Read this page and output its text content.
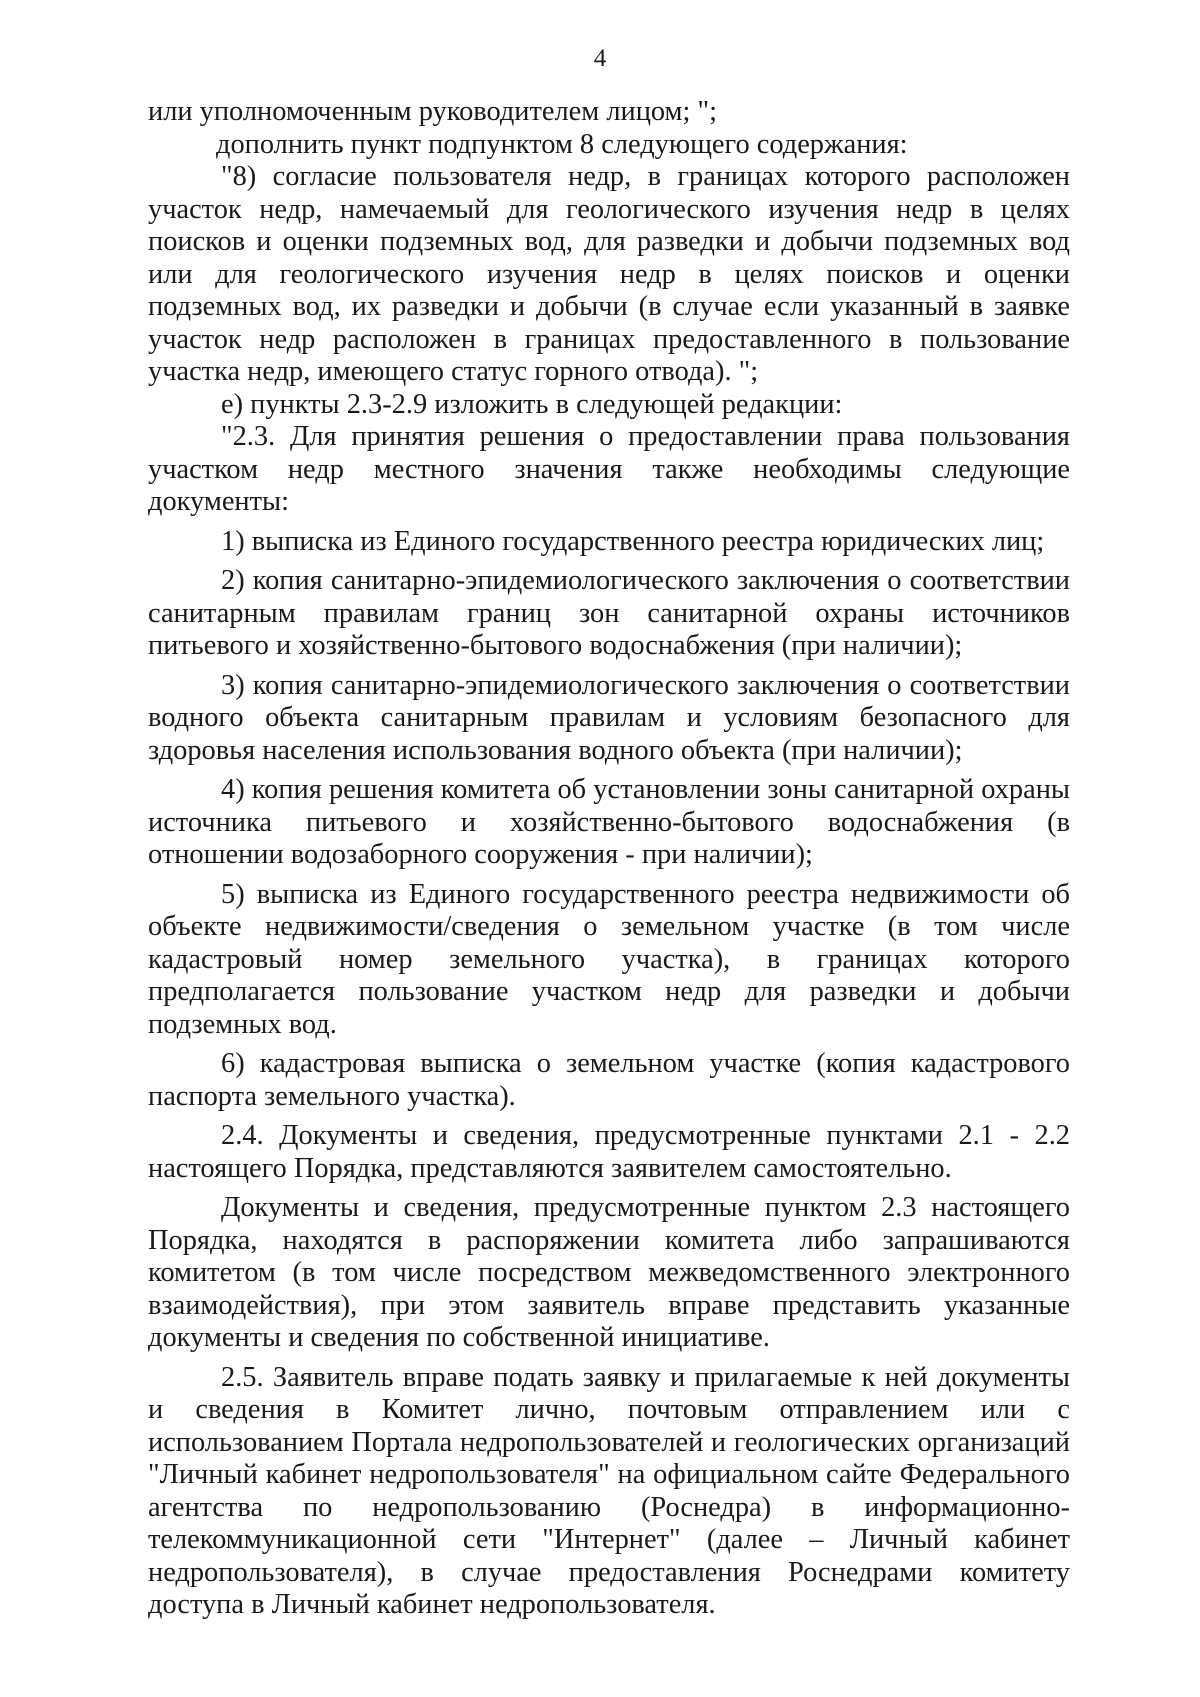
4

или уполномоченным руководителем лицом; ";

дополнить пункт подпунктом 8 следующего содержания:

"8) согласие пользователя недр, в границах которого расположен участок недр, намечаемый для геологического изучения недр в целях поисков и оценки подземных вод, для разведки и добычи подземных вод или для геологического изучения недр в целях поисков и оценки подземных вод, их разведки и добычи (в случае если указанный в заявке участок недр расположен в границах предоставленного в пользование участка недр, имеющего статус горного отвода). ";

е) пункты 2.3-2.9 изложить в следующей редакции:

"2.3. Для принятия решения о предоставлении права пользования участком недр местного значения также необходимы следующие документы:

1) выписка из Единого государственного реестра юридических лиц;

2) копия санитарно-эпидемиологического заключения о соответствии санитарным правилам границ зон санитарной охраны источников питьевого и хозяйственно-бытового водоснабжения (при наличии);

3) копия санитарно-эпидемиологического заключения о соответствии водного объекта санитарным правилам и условиям безопасного для здоровья населения использования водного объекта (при наличии);

4) копия решения комитета об установлении зоны санитарной охраны источника питьевого и хозяйственно-бытового водоснабжения (в отношении водозаборного сооружения - при наличии);

5) выписка из Единого государственного реестра недвижимости об объекте недвижимости/сведения о земельном участке (в том числе кадастровый номер земельного участка), в границах которого предполагается пользование участком недр для разведки и добычи подземных вод.

6) кадастровая выписка о земельном участке (копия кадастрового паспорта земельного участка).

2.4. Документы и сведения, предусмотренные пунктами 2.1 - 2.2 настоящего Порядка, представляются заявителем самостоятельно.

Документы и сведения, предусмотренные пунктом 2.3 настоящего Порядка, находятся в распоряжении комитета либо запрашиваются комитетом (в том числе посредством межведомственного электронного взаимодействия), при этом заявитель вправе представить указанные документы и сведения по собственной инициативе.

2.5. Заявитель вправе подать заявку и прилагаемые к ней документы и сведения в Комитет лично, почтовым отправлением или с использованием Портала недропользователей и геологических организаций "Личный кабинет недропользователя" на официальном сайте Федерального агентства по недропользованию (Роснедра) в информационно-телекоммуникационной сети "Интернет" (далее – Личный кабинет недропользователя), в случае предоставления Роснедрами комитету доступа в Личный кабинет недропользователя.
